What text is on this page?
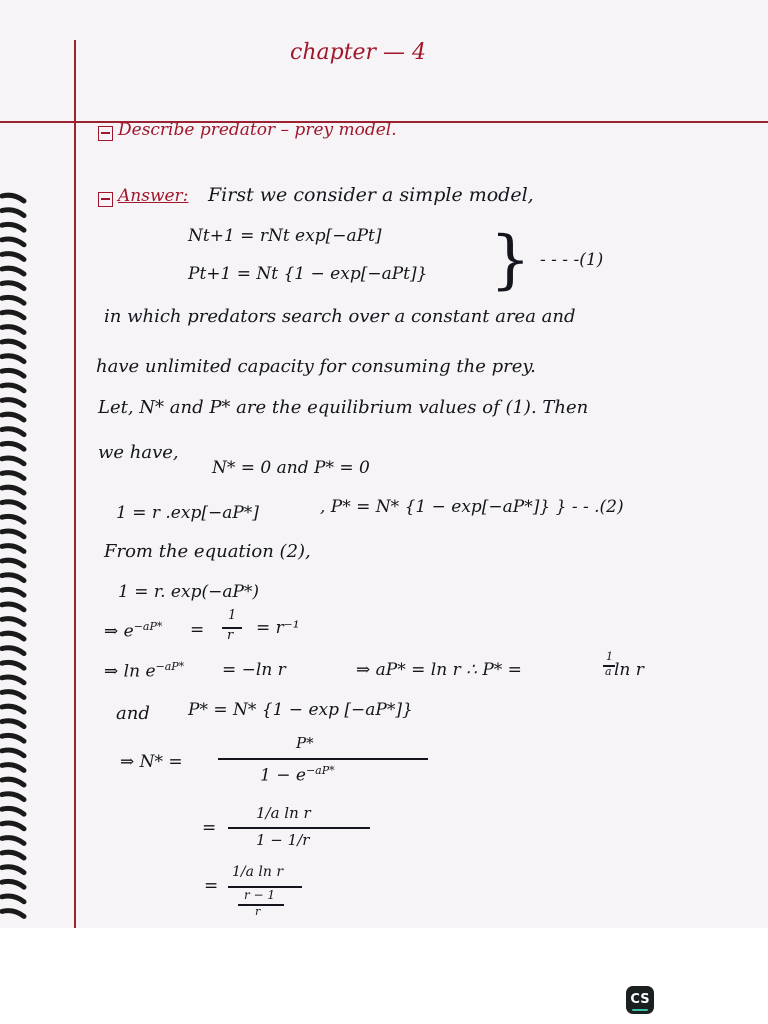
chapter — 4
Describe predator – prey model.
Answer: First we consider a simple model,
Nt+1 = rNt exp[−aPt]
Pt+1 = Nt {1 − exp[−aPt]} } - - - -(1)
in which predators search over a constant area and
have unlimited capacity for consuming the prey.
Let, N* and P* are the equilibrium values of (1). Then
we have,
N* = 0 and P* = 0
1 = r .exp[−aP*]	, P* = N* {1 − exp[−aP*]} } - - .(2)
From the equation (2),
1 = r. exp(−aP*)
⇒ $e^{-aP*}$ =
1
r = r⁻¹
⇒ $\ln e^{-aP*} = -\ln$ r	⇒ aP* = ln r ∴ P* =
1
a ln r
and P* = N* {1 − exp [−aP*]}
⇒ N* =
P*
$1 - e^{-aP*}$
=
1/a ln r
1 − 1/r
=
1/a ln r
r − 1
r
CS
